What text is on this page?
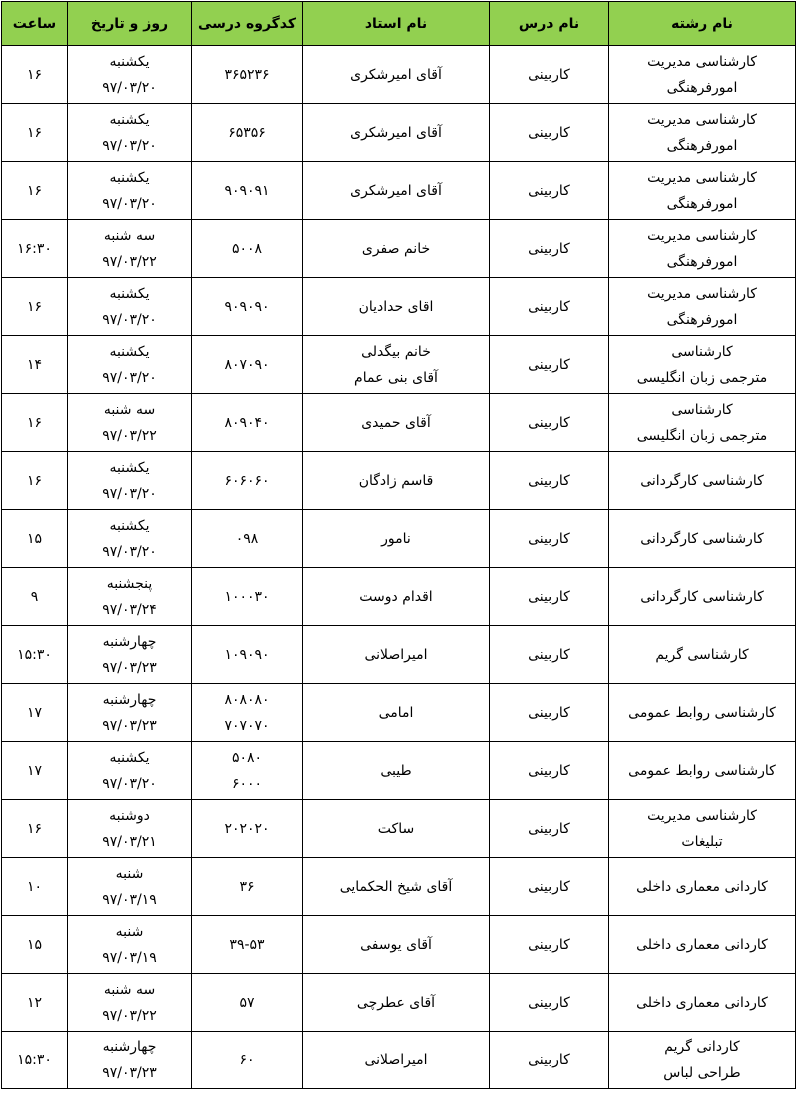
نام رشته	نام درس	نام استاد	کدگروه درسی	روز و تاریخ	ساعت

کارشناسی مدیریت
امورفرهنگی	کاربینی	آقای امیرشکری	۳۶۵۲۳۶	یکشنبه
۹۷/۰۳/۲۰	۱۶

کارشناسی مدیریت
امورفرهنگی	کاربینی	آقای امیرشکری	۶۵۳۵۶	یکشنبه
۹۷/۰۳/۲۰	۱۶

کارشناسی مدیریت
امورفرهنگی	کاربینی	آقای امیرشکری	۹۰۹۰۹۱	یکشنبه
۹۷/۰۳/۲۰	۱۶

کارشناسی مدیریت
امورفرهنگی	کاربینی	خانم صفری	۵۰۰۸	سه شنبه
۹۷/۰۳/۲۲	۱۶:۳۰

کارشناسی مدیریت
امورفرهنگی	کاربینی	اقای حدادیان	۹۰۹۰۹۰	یکشنبه
۹۷/۰۳/۲۰	۱۶

کارشناسی
مترجمی زبان انگلیسی	کاربینی	خانم بیگدلی
آقای بنی عمام	۸۰۷۰۹۰	یکشنبه
۹۷/۰۳/۲۰	۱۴

کارشناسی
مترجمی زبان انگلیسی	کاربینی	آقای حمیدی	۸۰۹۰۴۰	سه شنبه
۹۷/۰۳/۲۲	۱۶

کارشناسی کارگردانی	کاربینی	قاسم زادگان	۶۰۶۰۶۰	یکشنبه
۹۷/۰۳/۲۰	۱۶

کارشناسی کارگردانی	کاربینی	نامور	۰۹۸	یکشنبه
۹۷/۰۳/۲۰	۱۵

کارشناسی کارگردانی	کاربینی	اقدام دوست	۱۰۰۰۳۰	پنجشنبه
۹۷/۰۳/۲۴	۹

کارشناسی گریم	کاربینی	امیراصلانی	۱۰۹۰۹۰	چهارشنبه
۹۷/۰۳/۲۳	۱۵:۳۰

کارشناسی روابط عمومی	کاربینی	امامی	۸۰۸۰۸۰
۷۰۷۰۷۰	چهارشنبه
۹۷/۰۳/۲۳	۱۷

کارشناسی روابط عمومی	کاربینی	طیبی	۵۰۸۰
۶۰۰۰	یکشنبه
۹۷/۰۳/۲۰	۱۷

کارشناسی مدیریت
تبلیغات	کاربینی	ساکت	۲۰۲۰۲۰	دوشنبه
۹۷/۰۳/۲۱	۱۶

کاردانی معماری داخلی	کاربینی	آقای شیخ الحکمایی	۳۶	شنبه
۹۷/۰۳/۱۹	۱۰

کاردانی معماری داخلی	کاربینی	آقای یوسفی	۳۹-۵۳	شنبه
۹۷/۰۳/۱۹	۱۵

کاردانی معماری داخلی	کاربینی	آقای عطرچی	۵۷	سه شنبه
۹۷/۰۳/۲۲	۱۲

کاردانی گریم
طراحی لباس	کاربینی	امیراصلانی	۶۰	چهارشنبه
۹۷/۰۳/۲۳	۱۵:۳۰
